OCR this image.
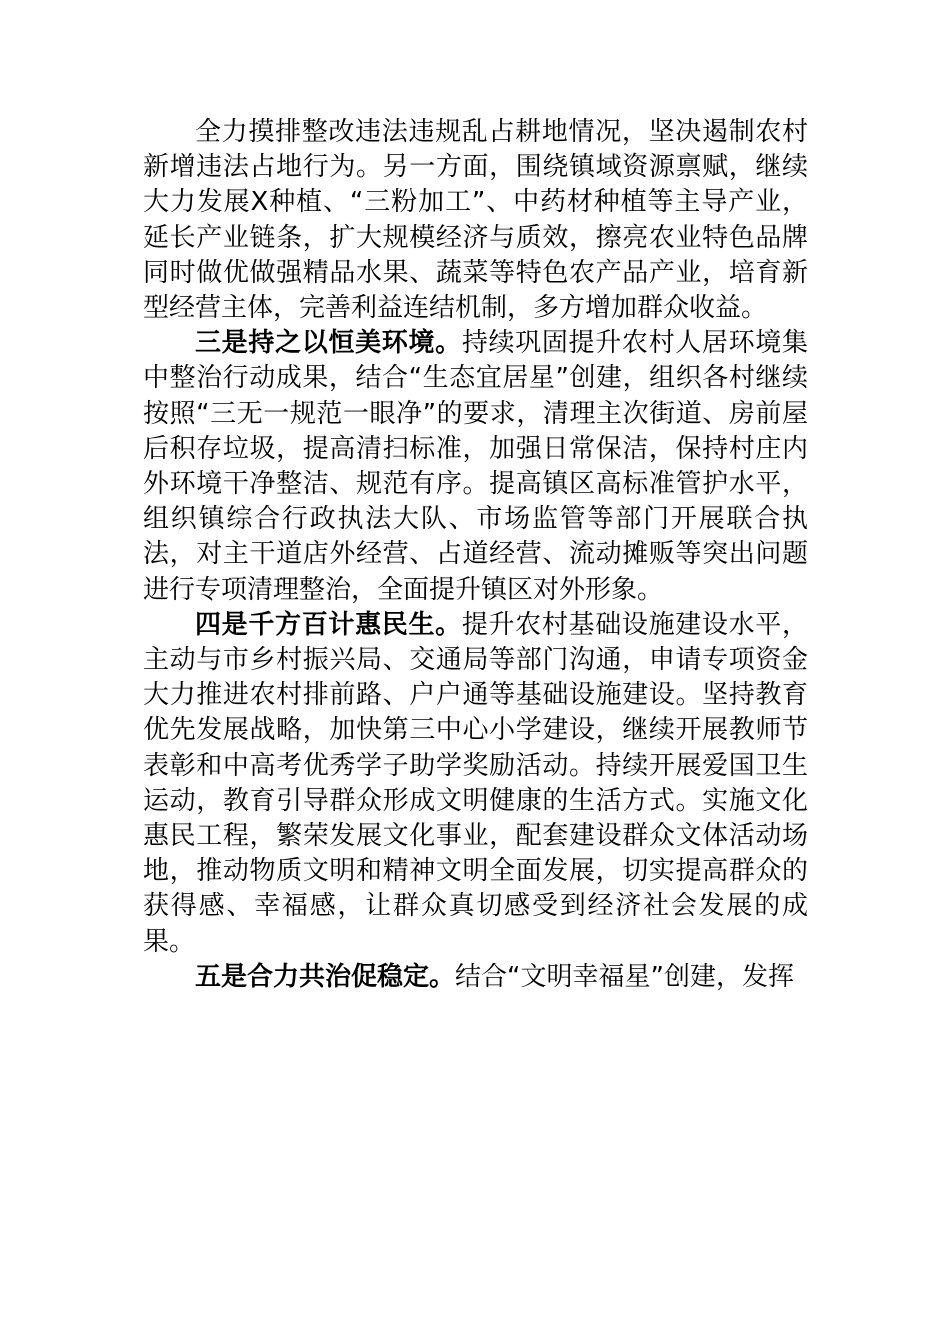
全力摸排整改违法违规乱占耕地情况，坚决遏制农村新增违法占地行为。另一方面，围绕镇域资源禀赋，继续大力发展X种植、“三粉加工”、中药材种植等主导产业，延长产业链条，扩大规模经济与质效，擦亮农业特色品牌同时做优做强精品水果、蔬菜等特色农产品产业，培育新型经营主体，完善利益连结机制，多方增加群众收益。

三是持之以恒美环境。持续巩固提升农村人居环境集中整治行动成果，结合“生态宜居星”创建，组织各村继续按照“三无一规范一眼净”的要求，清理主次街道、房前屋后积存垃圾，提高清扫标准，加强日常保洁，保持村庄内外环境干净整洁、规范有序。提高镇区高标准管护水平，组织镇综合行政执法大队、市场监管等部门开展联合执法，对主干道店外经营、占道经营、流动摊贩等突出问题进行专项清理整治，全面提升镇区对外形象。

四是千方百计惠民生。提升农村基础设施建设水平，主动与市乡村振兴局、交通局等部门沟通，申请专项资金大力推进农村排前路、户户通等基础设施建设。坚持教育优先发展战略，加快第三中心小学建设，继续开展教师节表彰和中高考优秀学子助学奖励活动。持续开展爱国卫生运动，教育引导群众形成文明健康的生活方式。实施文化惠民工程，繁荣发展文化事业，配套建设群众文体活动场地，推动物质文明和精神文明全面发展，切实提高群众的获得感、幸福感，让群众真切感受到经济社会发展的成果。

五是合力共治促稳定。结合“文明幸福星”创建，发挥
